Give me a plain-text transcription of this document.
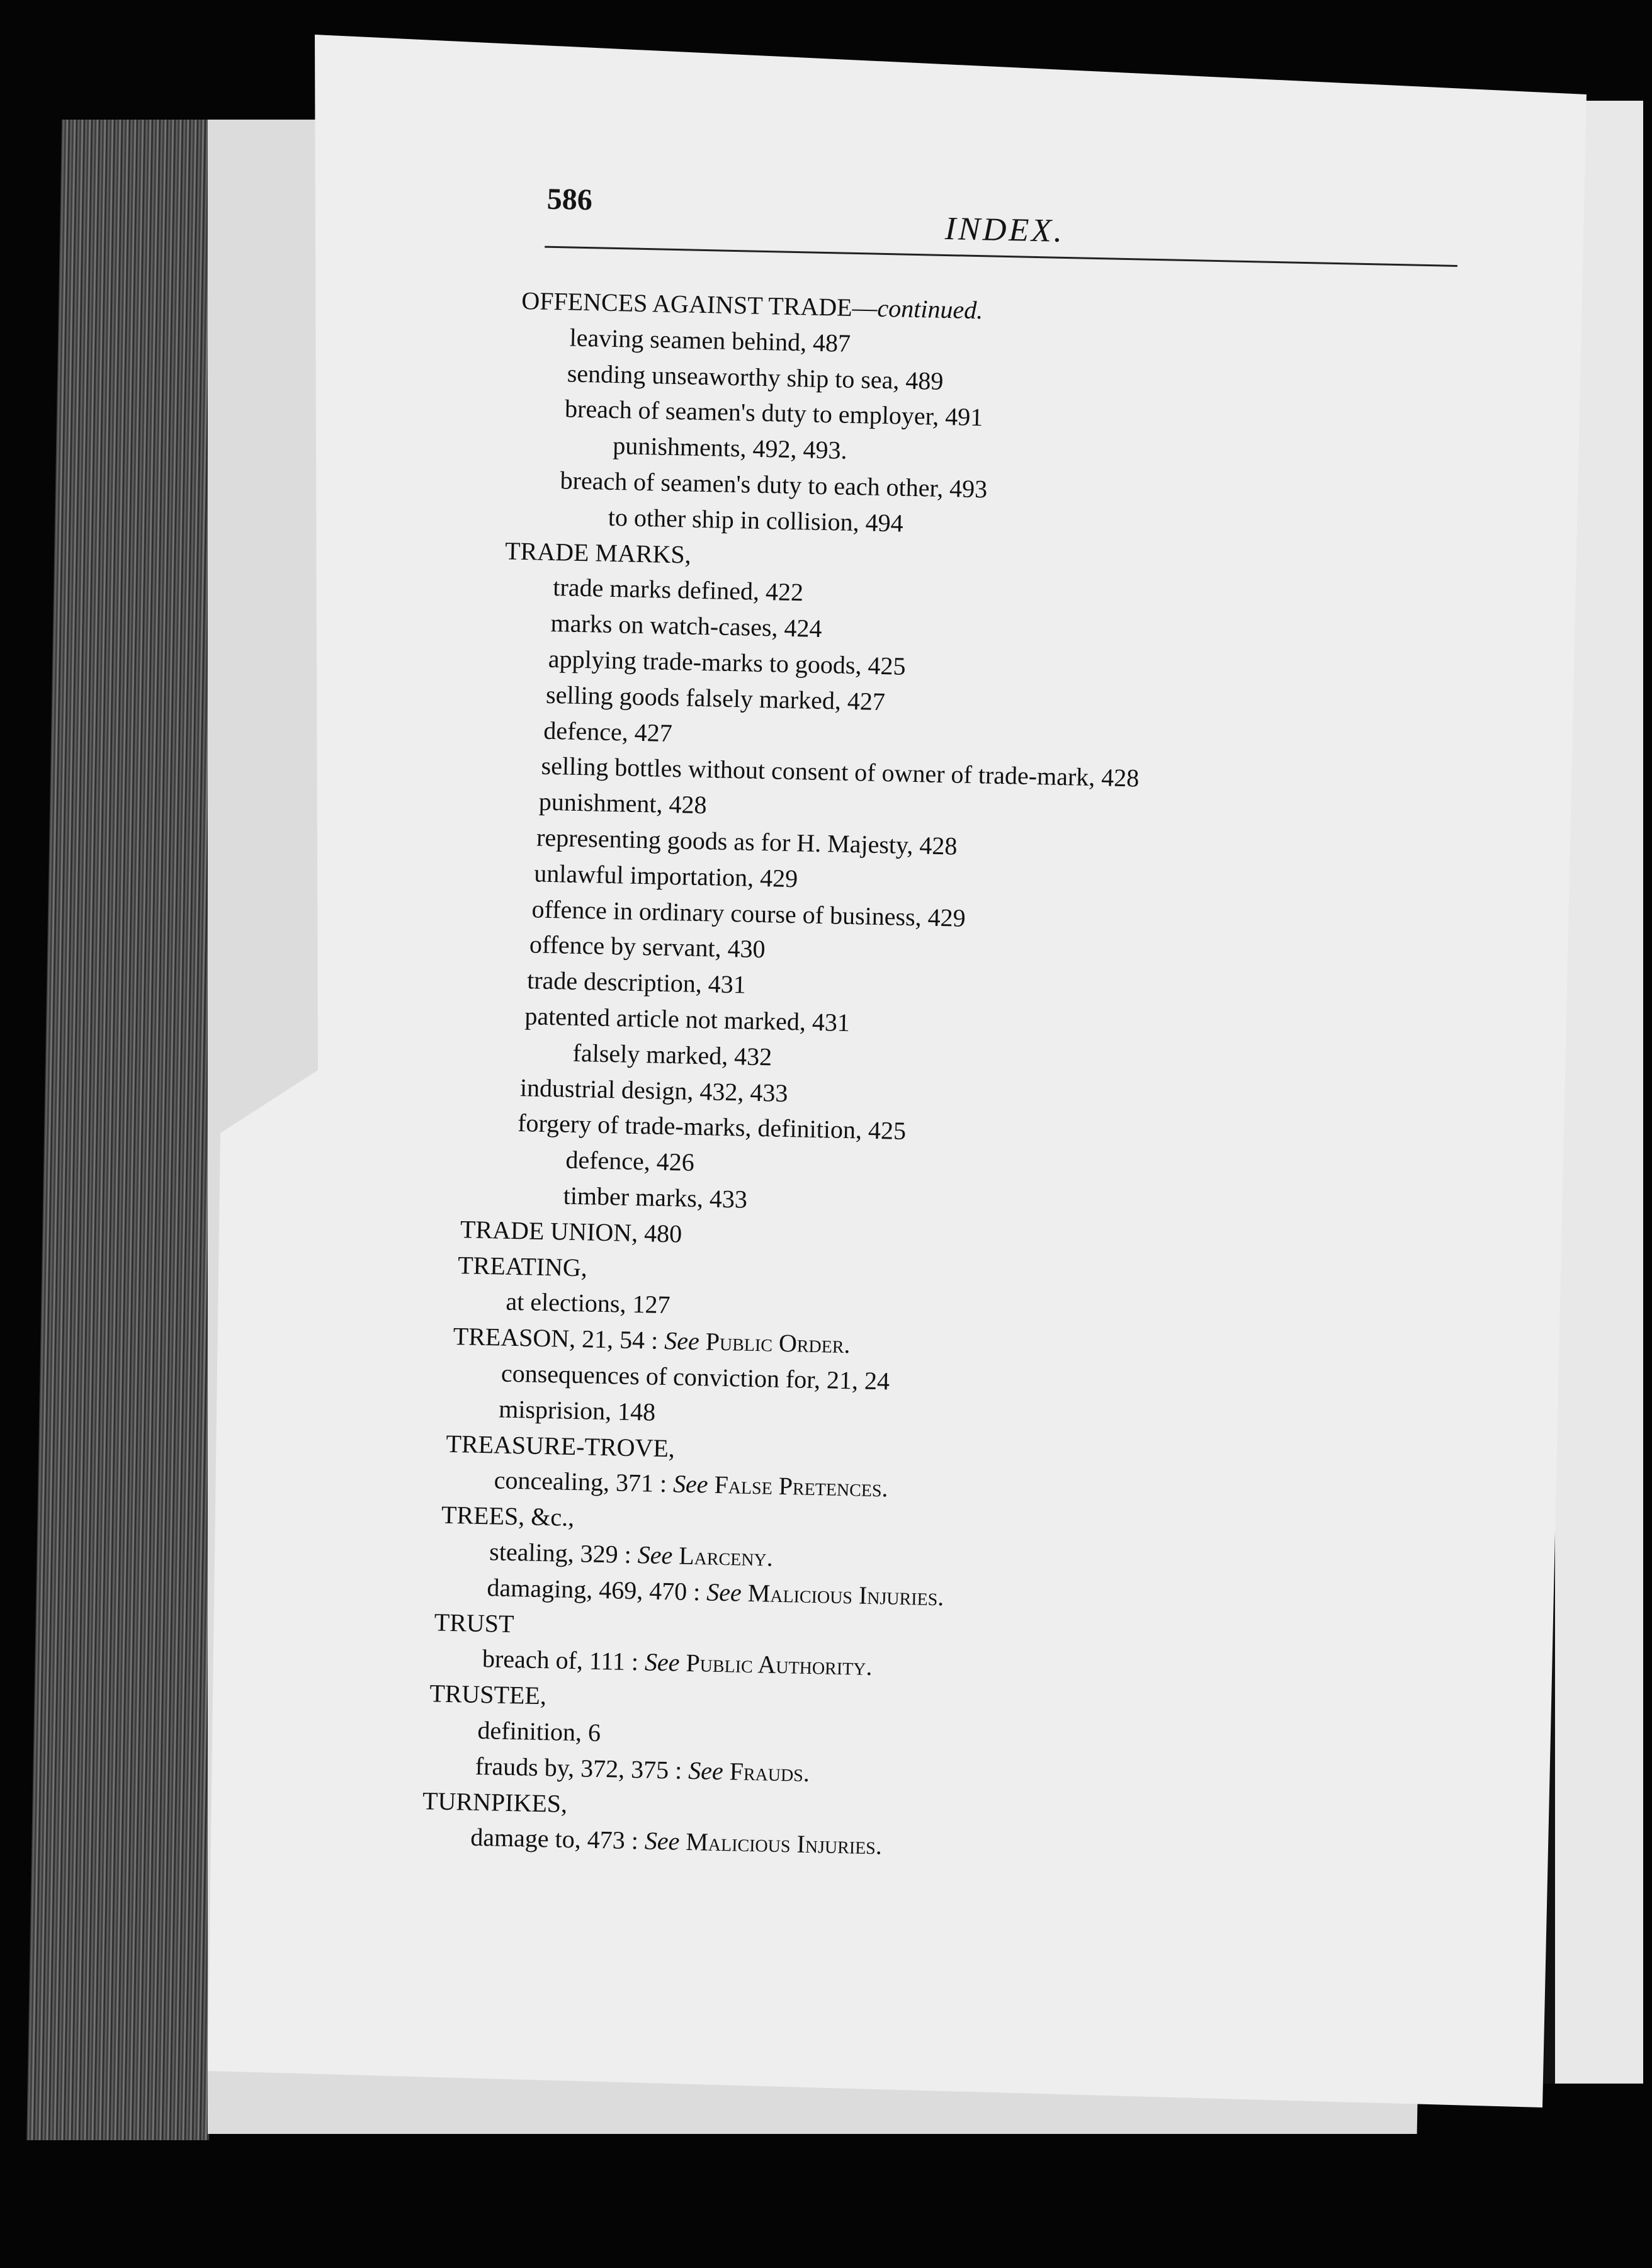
586
INDEX.
OFFENCES AGAINST TRADE—continued.
leaving seamen behind, 487
sending unseaworthy ship to sea, 489
breach of seamen's duty to employer, 491
punishments, 492, 493.
breach of seamen's duty to each other, 493
to other ship in collision, 494
TRADE MARKS,
trade marks defined, 422
marks on watch-cases, 424
applying trade-marks to goods, 425
selling goods falsely marked, 427
defence, 427
selling bottles without consent of owner of trade-mark, 428
punishment, 428
representing goods as for H. Majesty, 428
unlawful importation, 429
offence in ordinary course of business, 429
offence by servant, 430
trade description, 431
patented article not marked, 431
falsely marked, 432
industrial design, 432, 433
forgery of trade-marks, definition, 425
defence, 426
timber marks, 433
TRADE UNION, 480
TREATING,
at elections, 127
TREASON, 21, 54 : See Public Order.
consequences of conviction for, 21, 24
misprision, 148
TREASURE-TROVE,
concealing, 371 : See False Pretences.
TREES, &c.,
stealing, 329 : See Larceny.
damaging, 469, 470 : See Malicious Injuries.
TRUST
breach of, 111 : See Public Authority.
TRUSTEE,
definition, 6
frauds by, 372, 375 : See Frauds.
TURNPIKES,
damage to, 473 : See Malicious Injuries.
